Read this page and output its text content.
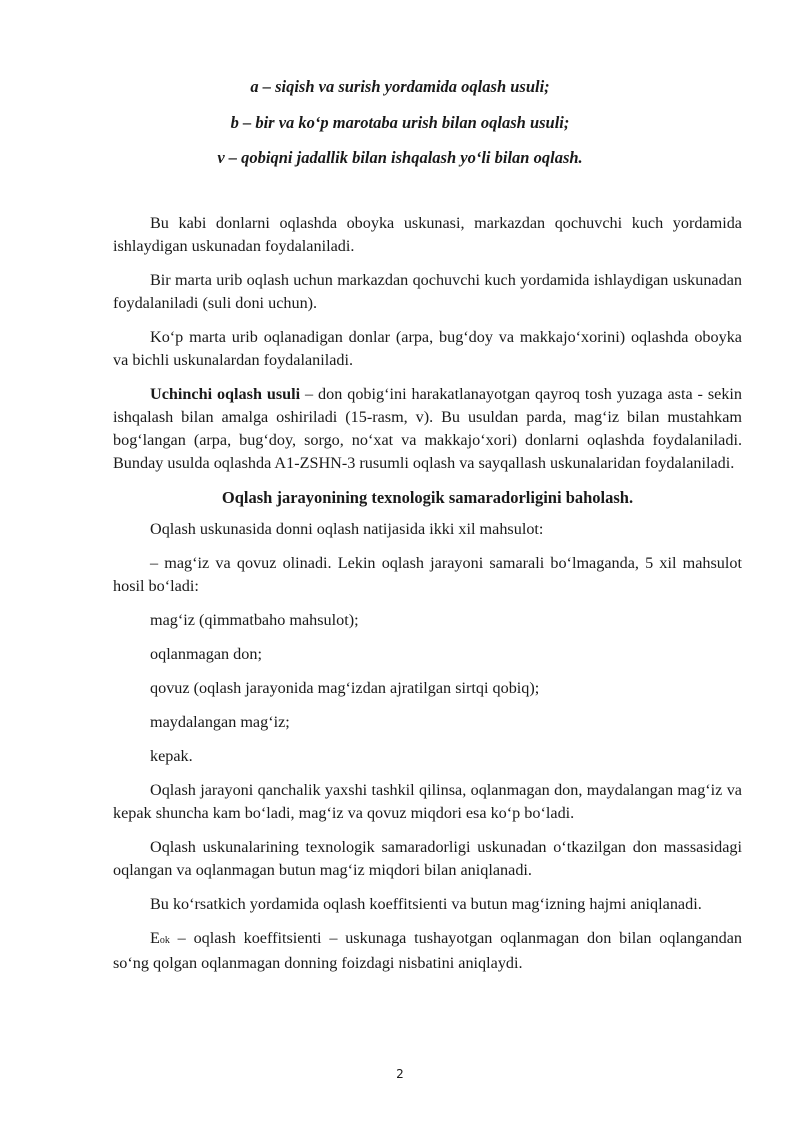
a – siqish va surish yordamida oqlash usuli;
b – bir va ko‘p marotaba urish bilan oqlash usuli;
v – qobiqni jadallik bilan ishqalash yo‘li bilan oqlash.

Bu kabi donlarni oqlashda oboyka uskunasi, markazdan qochuvchi kuch yordamida ishlaydigan uskunadan foydalaniladi.

Bir marta urib oqlash uchun markazdan qochuvchi kuch yordamida ishlaydigan uskunadan foydalaniladi (suli doni uchun).

Ko‘p marta urib oqlanadigan donlar (arpa, bug‘doy va makkajo‘xorini) oqlashda oboyka va bichli uskunalardan foydalaniladi.

Uchinchi oqlash usuli – don qobig‘ini harakatlanayotgan qayroq tosh yuzaga asta - sekin ishqalash bilan amalga oshiriladi (15-rasm, v). Bu usuldan parda, mag‘iz bilan mustahkam bog‘langan (arpa, bug‘doy, sorgo, no‘xat va makkajo‘xori) donlarni oqlashda foydalaniladi. Bunday usulda oqlashda A1-ZSHN-3 rusumli oqlash va sayqallash uskunalaridan foydalaniladi.

Oqlash jarayonining texnologik samaradorligini baholash.

Oqlash uskunasida donni oqlash natijasida ikki xil mahsulot:

– mag‘iz va qovuz olinadi. Lekin oqlash jarayoni samarali bo‘lmaganda, 5 xil mahsulot hosil bo‘ladi:

mag‘iz (qimmatbaho mahsulot);

oqlanmagan don;

qovuz (oqlash jarayonida mag‘izdan ajratilgan sirtqi qobiq);

maydalangan mag‘iz;

kepak.

Oqlash jarayoni qanchalik yaxshi tashkil qilinsa, oqlanmagan don, maydalangan mag‘iz va kepak shuncha kam bo‘ladi, mag‘iz va qovuz miqdori esa ko‘p bo‘ladi.

Oqlash uskunalarining texnologik samaradorligi uskunadan o‘tkazilgan don massasidagi oqlangan va oqlanmagan butun mag‘iz miqdori bilan aniqlanadi.

Bu ko‘rsatkich yordamida oqlash koeffitsienti va butun mag‘izning hajmi aniqlanadi.

Eok – oqlash koeffitsienti – uskunaga tushayotgan oqlanmagan don bilan oqlangandan so‘ng qolgan oqlanmagan donning foizdagi nisbatini aniqlaydi.

2
